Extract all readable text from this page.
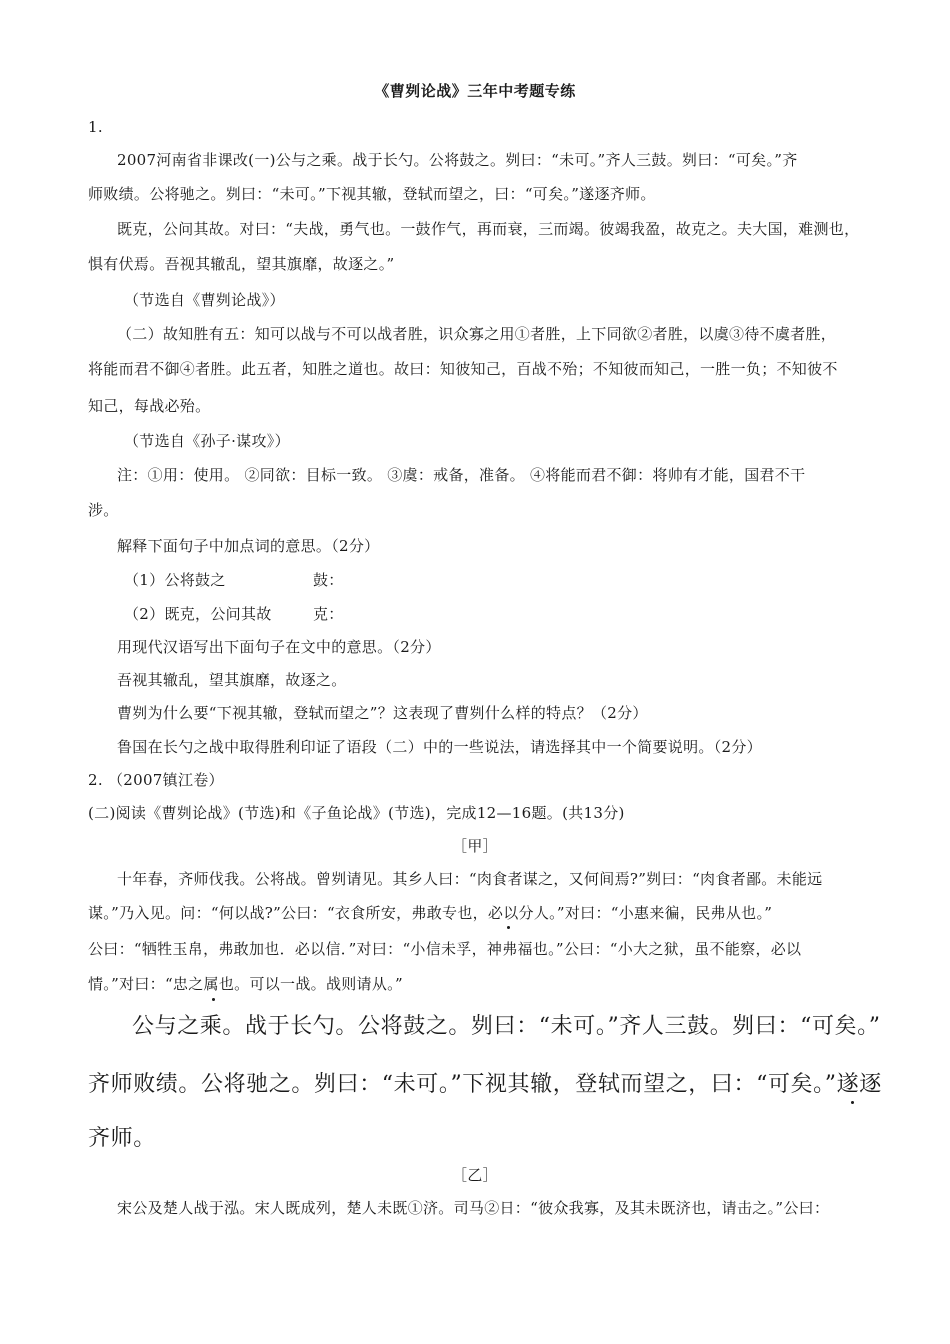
《曹刿论战》三年中考题专练
1.
2007河南省非课改(一)公与之乘。战于长勺。公将鼓之。刿曰：“未可。”齐人三鼓。刿曰：“可矣。”齐
师败绩。公将驰之。刿曰：“未可。”下视其辙，登轼而望之，曰：“可矣。”遂逐齐师。
既克，公问其故。对曰：“夫战，勇气也。一鼓作气，再而衰，三而竭。彼竭我盈，故克之。夫大国，难测也，
惧有伏焉。吾视其辙乱，望其旗靡，故逐之。”
（节选自《曹刿论战》）
（二）故知胜有五：知可以战与不可以战者胜，识众寡之用①者胜，上下同欲②者胜，以虞③待不虞者胜，
将能而君不御④者胜。此五者，知胜之道也。故曰：知彼知己，百战不殆；不知彼而知己，一胜一负；不知彼不
知己，每战必殆。
（节选自《孙子·谋攻》）
注：①用：使用。 ②同欲：目标一致。 ③虞：戒备，准备。 ④将能而君不御：将帅有才能，国君不干
涉。
解释下面句子中加点词的意思。（2分）
（1）公将鼓之	鼓：
（2）既克，公问其故	克：
用现代汉语写出下面句子在文中的意思。（2分）
吾视其辙乱，望其旗靡，故逐之。
曹刿为什么要“下视其辙，登轼而望之”？这表现了曹刿什么样的特点？（2分）
鲁国在长勺之战中取得胜利印证了语段（二）中的一些说法，请选择其中一个简要说明。（2分）
2. （2007镇江卷）
(二)阅读《曹刿论战》(节选)和《子鱼论战》(节选)，完成12—16题。(共13分)
［甲］
十年春，齐师伐我。公将战。曾刿请见。其乡人曰：“肉食者谋之，又何间焉?”刿曰：“肉食者鄙。未能远
谋。”乃入见。问：“何以战?”公曰：“衣食所安，弗敢专也，必以分人。”对曰：“小惠来徧，民弗从也。”
公曰：“牺牲玉帛，弗敢加也．必以信．”对曰：“小信未孚，神弗福也。”公曰：“小大之狱，虽不能察，必以
情。”对曰：“忠之属也。可以一战。战则请从。”
公与之乘。战于长勺。公将鼓之。刿曰：“未可。”齐人三鼓。刿曰：“可矣。”
齐师败绩。公将驰之。刿曰：“未可。”下视其辙，登轼而望之，曰：“可矣。”遂逐
齐师。
［乙］
宋公及楚人战于泓。宋人既成列，楚人未既①济。司马②日：“彼众我寡，及其未既济也，请击之。”公曰：
